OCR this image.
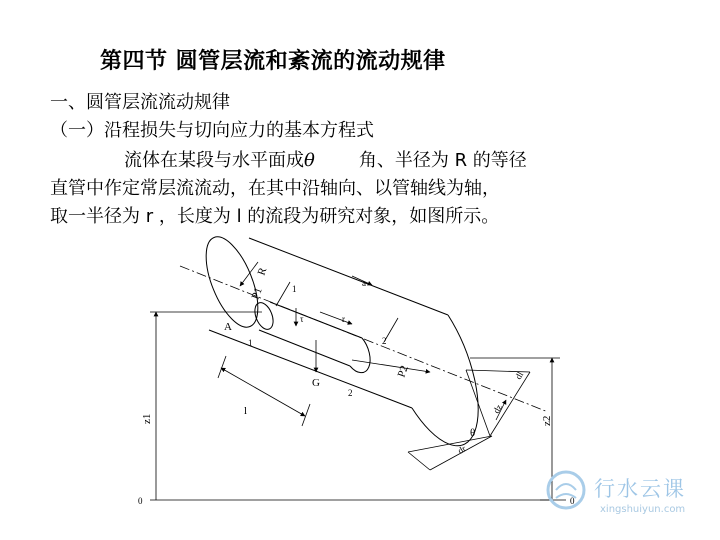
第四节 圆管层流和紊流的流动规律
一、圆管层流流动规律
（一）沿程损失与切向应力的基本方程式
流体在某段与水平面成θ 角、半径为 R 的等径
直管中作定常层流流动，在其中沿轴向、以管轴线为轴，
取一半径为 r ，长度为 l 的流段为研究对象，如图所示。
R
P1	1
A
1
r
τ
2
2
G
P2
l
z1	z2
0	0
θ
dl
dz
dr
a
行水云课
xingshuiyun.com
